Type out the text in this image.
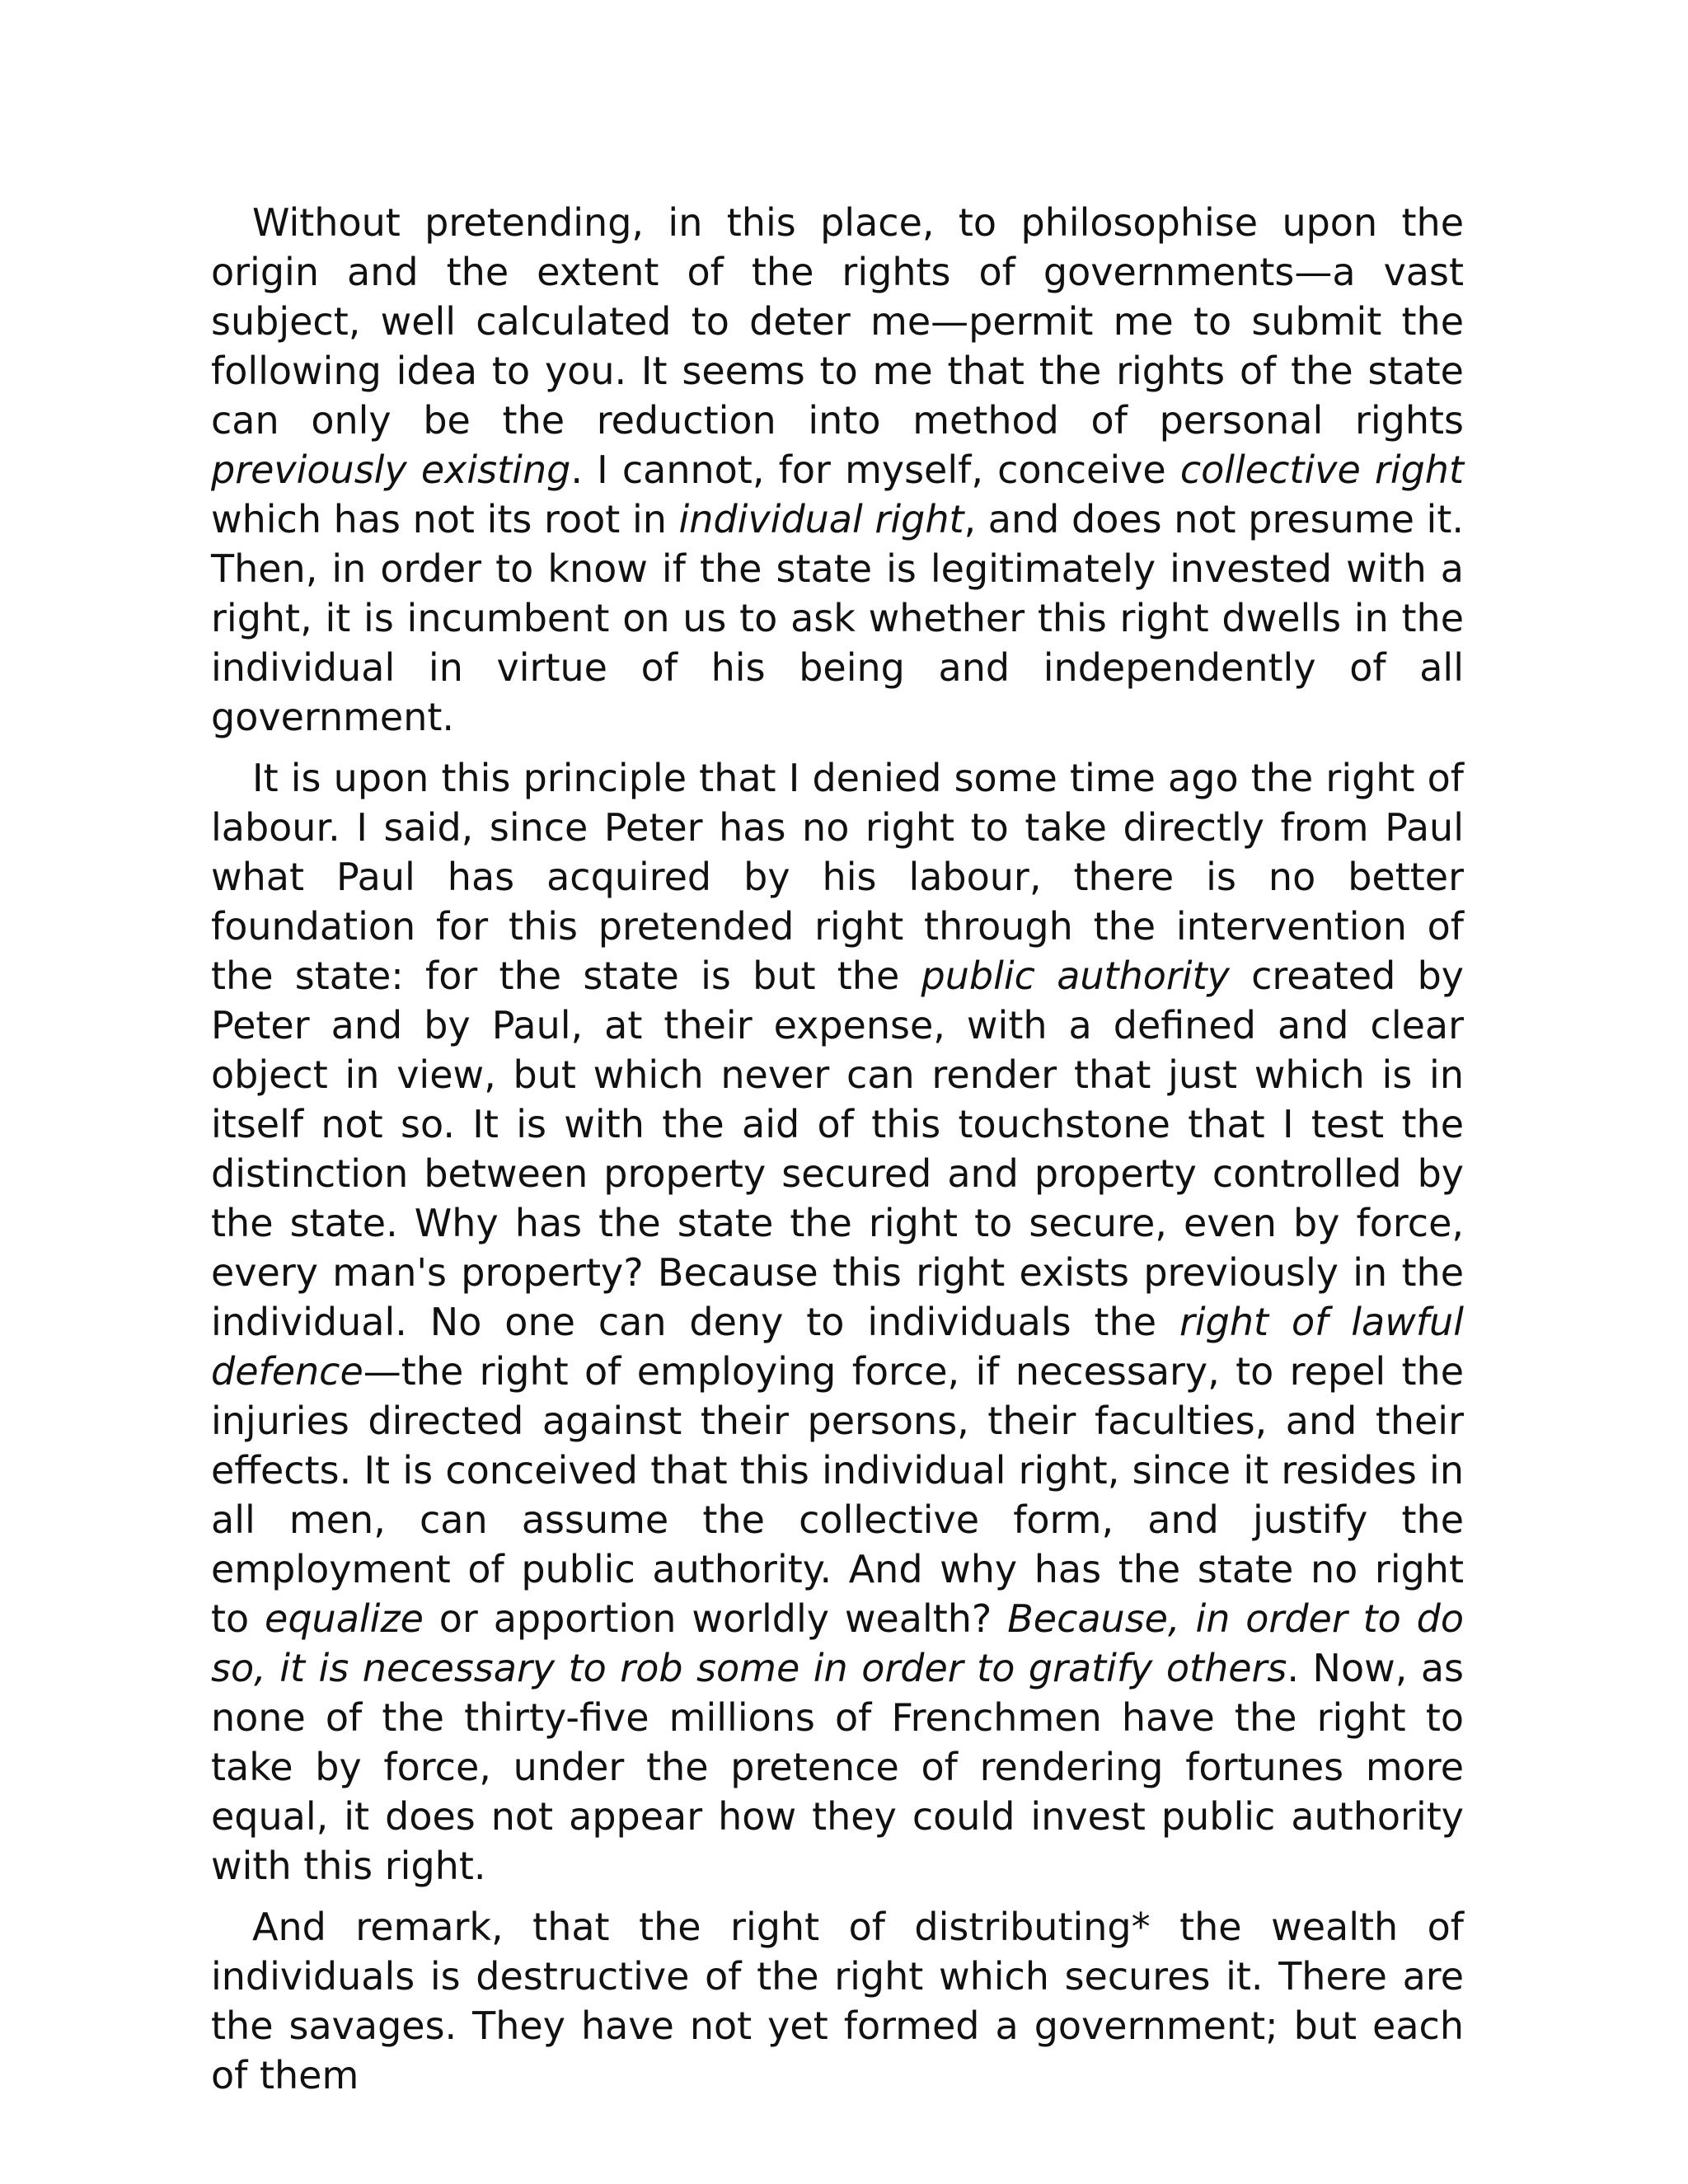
Without pretending, in this place, to philosophise upon the origin and the extent of the rights of governments—a vast subject, well calculated to deter me—permit me to submit the following idea to you. It seems to me that the rights of the state can only be the reduction into method of personal rights previously existing. I cannot, for myself, conceive collective right which has not its root in individual right, and does not presume it. Then, in order to know if the state is legitimately invested with a right, it is incumbent on us to ask whether this right dwells in the individual in virtue of his being and independently of all government.

It is upon this principle that I denied some time ago the right of labour. I said, since Peter has no right to take directly from Paul what Paul has acquired by his labour, there is no better foundation for this pretended right through the intervention of the state: for the state is but the public authority created by Peter and by Paul, at their expense, with a defined and clear object in view, but which never can render that just which is in itself not so. It is with the aid of this touchstone that I test the distinction between property secured and property controlled by the state. Why has the state the right to secure, even by force, every man's property? Because this right exists previously in the individual. No one can deny to individuals the right of lawful defence—the right of employing force, if necessary, to repel the injuries directed against their persons, their faculties, and their effects. It is conceived that this individual right, since it resides in all men, can assume the collective form, and justify the employment of public authority. And why has the state no right to equalize or apportion worldly wealth? Because, in order to do so, it is necessary to rob some in order to gratify others. Now, as none of the thirty-five millions of Frenchmen have the right to take by force, under the pretence of rendering fortunes more equal, it does not appear how they could invest public authority with this right.

And remark, that the right of distributing* the wealth of individuals is destructive of the right which secures it. There are the savages. They have not yet formed a government; but each of them
